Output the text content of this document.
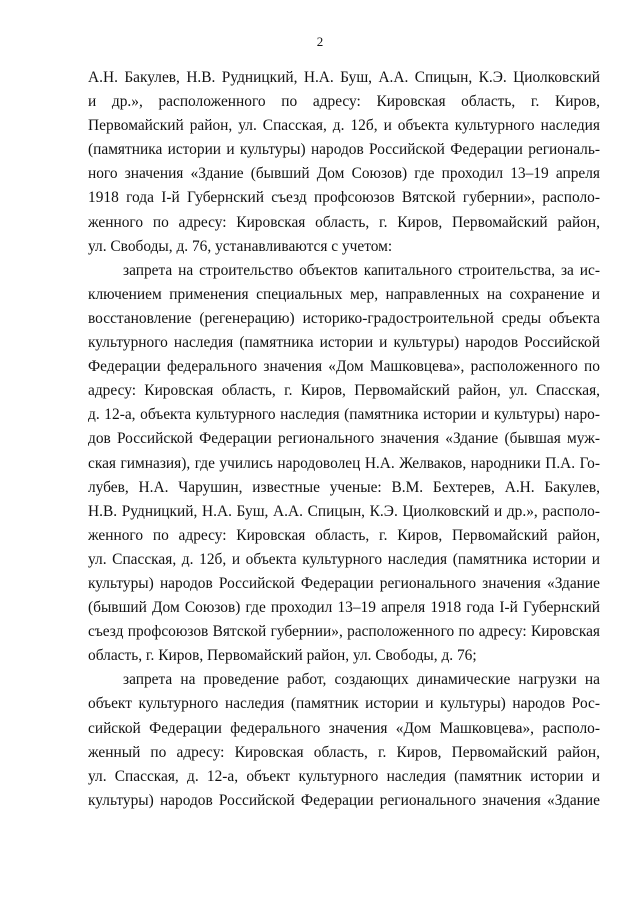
2
А.Н. Бакулев, Н.В. Рудницкий, Н.А. Буш, А.А. Спицын, К.Э. Циолковский
и др.», расположенного по адресу: Кировская область, г. Киров,
Первомайский район, ул. Спасская, д. 12б, и объекта культурного наследия
(памятника истории и культуры) народов Российской Федерации региональ-
ного значения «Здание (бывший Дом Союзов) где проходил 13–19 апреля
1918 года I-й Губернский съезд профсоюзов Вятской губернии», располо-
женного по адресу: Кировская область, г. Киров, Первомайский район,
ул. Свободы, д. 76, устанавливаются с учетом:
запрета на строительство объектов капитального строительства, за ис-
ключением применения специальных мер, направленных на сохранение и
восстановление (регенерацию) историко-градостроительной среды объекта
культурного наследия (памятника истории и культуры) народов Российской
Федерации федерального значения «Дом Машковцева», расположенного по
адресу: Кировская область, г. Киров, Первомайский район, ул. Спасская,
д. 12-а, объекта культурного наследия (памятника истории и культуры) наро-
дов Российской Федерации регионального значения «Здание (бывшая муж-
ская гимназия), где учились народоволец Н.А. Желваков, народники П.А. Го-
лубев, Н.А. Чарушин, известные ученые: В.М. Бехтерев, А.Н. Бакулев,
Н.В. Рудницкий, Н.А. Буш, А.А. Спицын, К.Э. Циолковский и др.», располо-
женного по адресу: Кировская область, г. Киров, Первомайский район,
ул. Спасская, д. 12б, и объекта культурного наследия (памятника истории и
культуры) народов Российской Федерации регионального значения «Здание
(бывший Дом Союзов) где проходил 13–19 апреля 1918 года I-й Губернский
съезд профсоюзов Вятской губернии», расположенного по адресу: Кировская
область, г. Киров, Первомайский район, ул. Свободы, д. 76;
запрета на проведение работ, создающих динамические нагрузки на
объект культурного наследия (памятник истории и культуры) народов Рос-
сийской Федерации федерального значения «Дом Машковцева», располо-
женный по адресу: Кировская область, г. Киров, Первомайский район,
ул. Спасская, д. 12-а, объект культурного наследия (памятник истории и
культуры) народов Российской Федерации регионального значения «Здание
